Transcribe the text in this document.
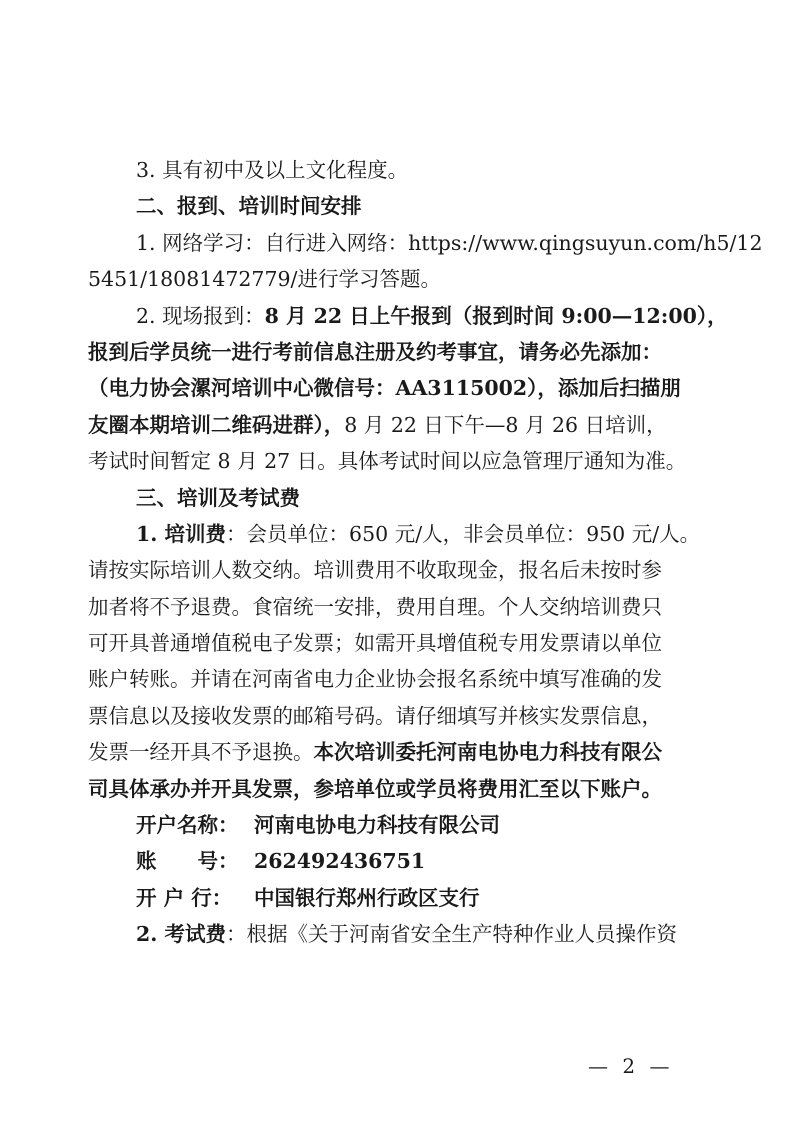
3. 具有初中及以上文化程度。
二、报到、培训时间安排
1. 网络学习：自行进入网络：https://www.qingsuyun.com/h5/12
5451/18081472779/进行学习答题。
2. 现场报到：8 月 22 日上午报到（报到时间 9:00—12:00），
报到后学员统一进行考前信息注册及约考事宜，请务必先添加：
（电力协会漯河培训中心微信号：AA3115002），添加后扫描朋
友圈本期培训二维码进群），8 月 22 日下午—8 月 26 日培训，
考试时间暂定 8 月 27 日。具体考试时间以应急管理厅通知为准。
三、培训及考试费
1. 培训费：会员单位：650 元/人，非会员单位：950 元/人。
请按实际培训人数交纳。培训费用不收取现金，报名后未按时参
加者将不予退费。食宿统一安排，费用自理。个人交纳培训费只
可开具普通增值税电子发票；如需开具增值税专用发票请以单位
账户转账。并请在河南省电力企业协会报名系统中填写准确的发
票信息以及接收发票的邮箱号码。请仔细填写并核实发票信息，
发票一经开具不予退换。本次培训委托河南电协电力科技有限公
司具体承办并开具发票，参培单位或学员将费用汇至以下账户。
开户名称： 河南电协电力科技有限公司
账　　号： 262492436751
开 户 行：	中国银行郑州行政区支行
2. 考试费：根据《关于河南省安全生产特种作业人员操作资
— 2 —
